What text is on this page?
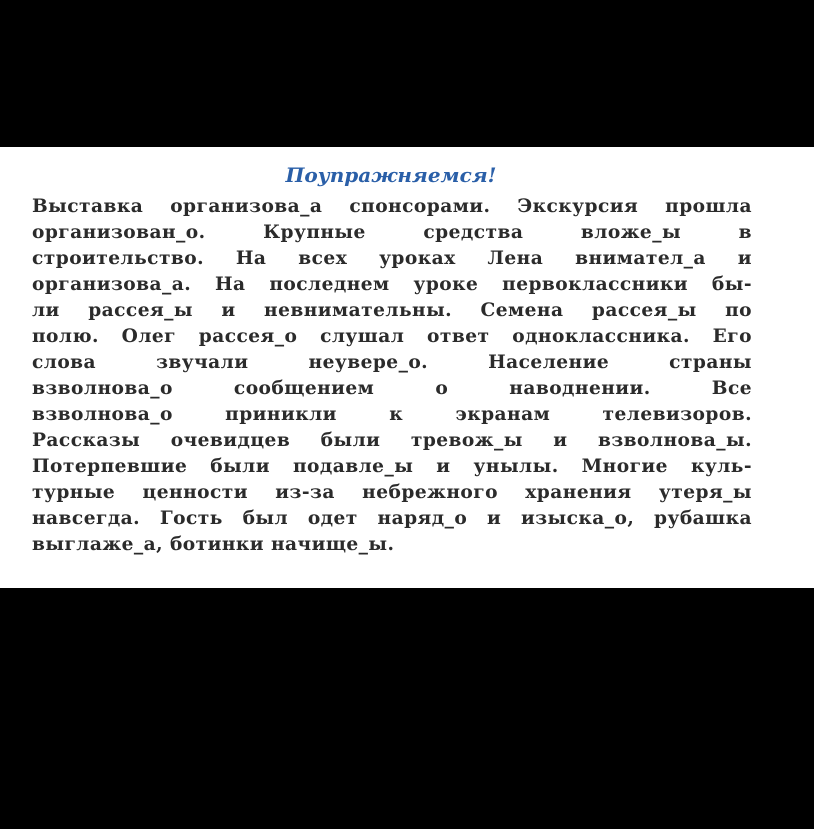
Поупражняемся!
Выставка организова_а спонсорами. Экскурсия прошла
организован_о. Крупные средства вложе_ы в
строительство. На всех уроках Лена внимател_а и
организова_а. На последнем уроке первоклассники бы-
ли рассея_ы и невнимательны. Семена рассея_ы по
полю. Олег рассея_о слушал ответ одноклассника. Его
слова звучали неувере_о. Население страны
взволнова_о сообщением о наводнении. Все
взволнова_о приникли к экранам телевизоров.
Рассказы очевидцев были тревож_ы и взволнова_ы.
Потерпевшие были подавле_ы и унылы. Многие куль-
турные ценности из-за небрежного хранения утеря_ы
навсегда. Гость был одет наряд_о и изыска_о, рубашка
выглаже_а, ботинки начище_ы.
